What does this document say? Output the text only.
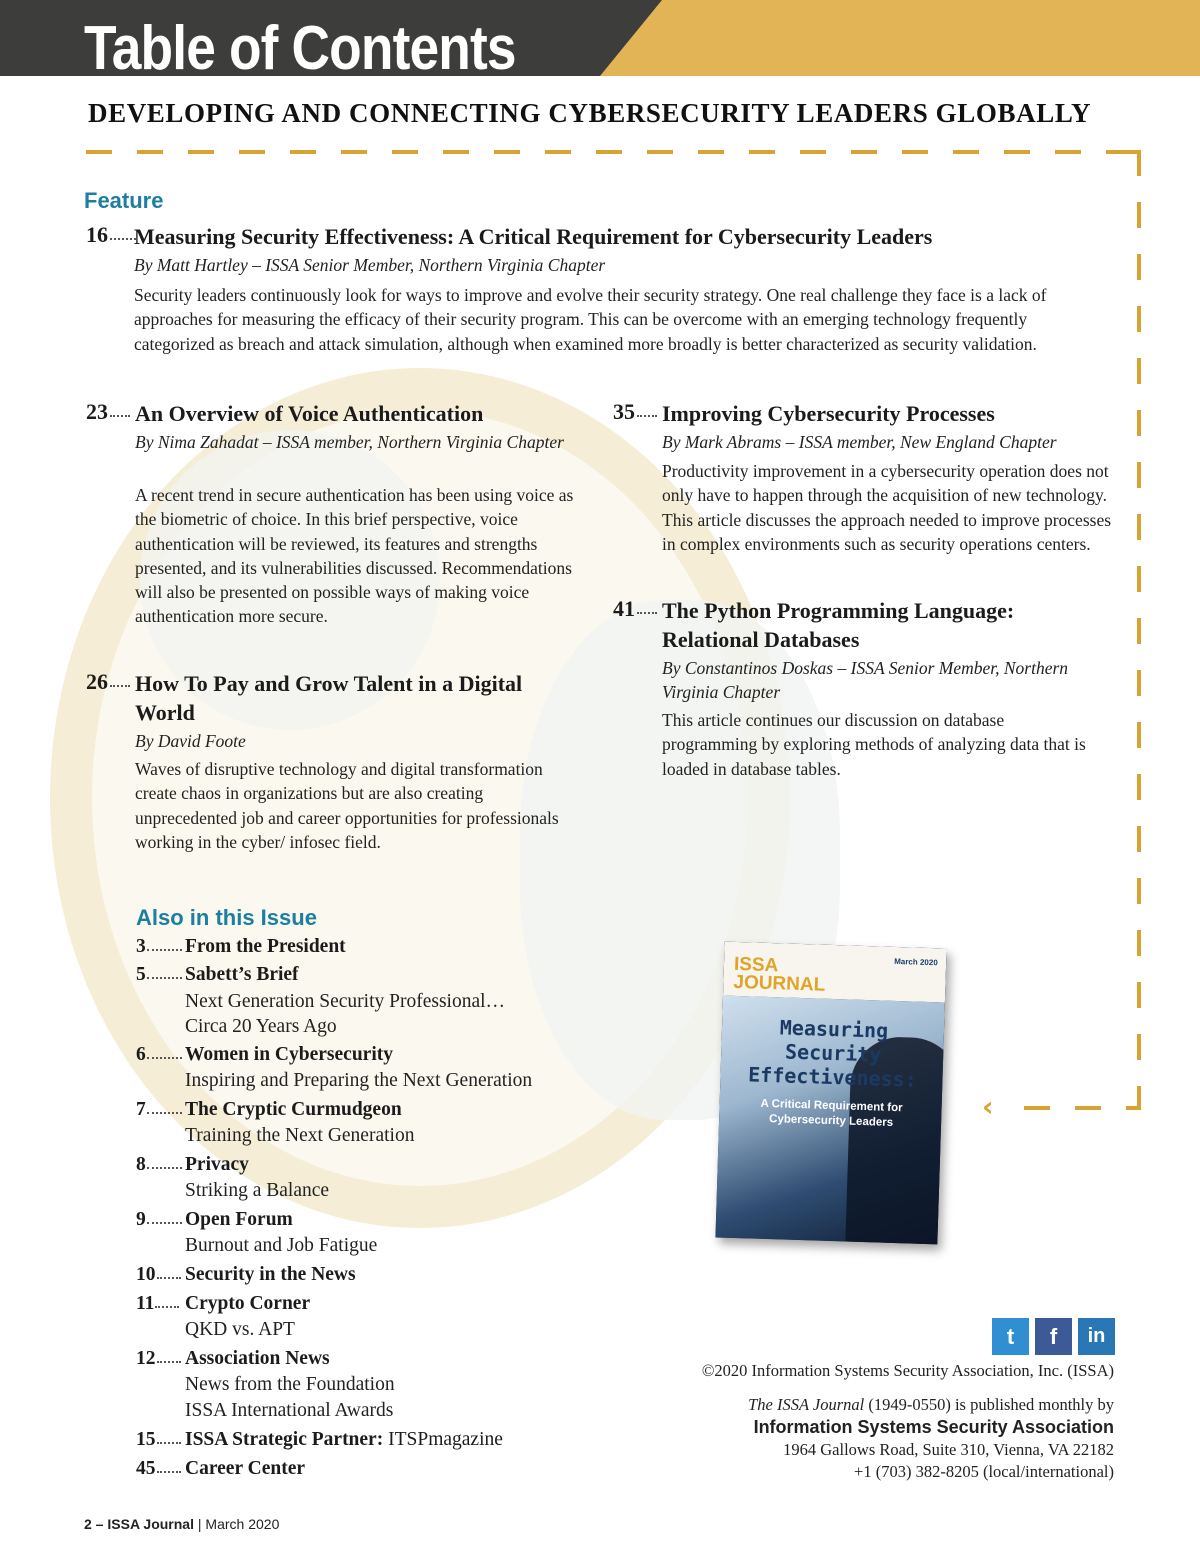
Table of Contents
DEVELOPING AND CONNECTING CYBERSECURITY LEADERS GLOBALLY
‹
Feature
16	Measuring Security Effectiveness: A Critical Requirement for Cybersecurity Leaders
By Matt Hartley – ISSA Senior Member, Northern Virginia Chapter
Security leaders continuously look for ways to improve and evolve their security strategy. One real challenge they face is a lack of approaches for measuring the efficacy of their security program. This can be overcome with an emerging technology frequently categorized as breach and attack simulation, although when examined more broadly is better characterized as security validation.
23	An Overview of Voice Authentication
By Nima Zahadat – ISSA member, Northern Virginia Chapter
A recent trend in secure authentication has been using voice as the biometric of choice. In this brief perspective, voice authentication will be reviewed, its features and strengths presented, and its vulnerabilities discussed. Recommendations will also be presented on possible ways of making voice authentication more secure.
26	How To Pay and Grow Talent in a Digital World
By David Foote
Waves of disruptive technology and digital transformation create chaos in organizations but are also creating unprecedented job and career opportunities for professionals working in the cyber/ infosec field.
35	Improving Cybersecurity Processes
By Mark Abrams – ISSA member, New England Chapter
Productivity improvement in a cybersecurity operation does not only have to happen through the acquisition of new technology. This article discusses the approach needed to improve processes in complex environments such as security operations centers.
41	The Python Programming Language: Relational Databases
By Constantinos Doskas – ISSA Senior Member, Northern Virginia Chapter
This article continues our discussion on database programming by exploring methods of analyzing data that is loaded in database tables.
Also in this Issue
3	From the President
5	Sabett’s Brief
Next Generation Security Professional…
Circa 20 Years Ago
6	Women in Cybersecurity
Inspiring and Preparing the Next Generation
7	The Cryptic Curmudgeon
Training the Next Generation
8	Privacy
Striking a Balance
9	Open Forum
Burnout and Job Fatigue
10	Security in the News
11	Crypto Corner
QKD vs. APT
12	Association News
News from the Foundation
ISSA International Awards
15	ISSA Strategic Partner: ITSPmagazine
45	Career Center
ISSA
JOURNAL
March 2020
Measuring Security Effectiveness:
A Critical Requirement for Cybersecurity Leaders
t	f	in
©2020 Information Systems Security Association, Inc. (ISSA)
The ISSA Journal (1949-0550) is published monthly by
Information Systems Security Association
1964 Gallows Road, Suite 310, Vienna, VA 22182
+1 (703) 382-8205 (local/international)
2 – ISSA Journal | March 2020
